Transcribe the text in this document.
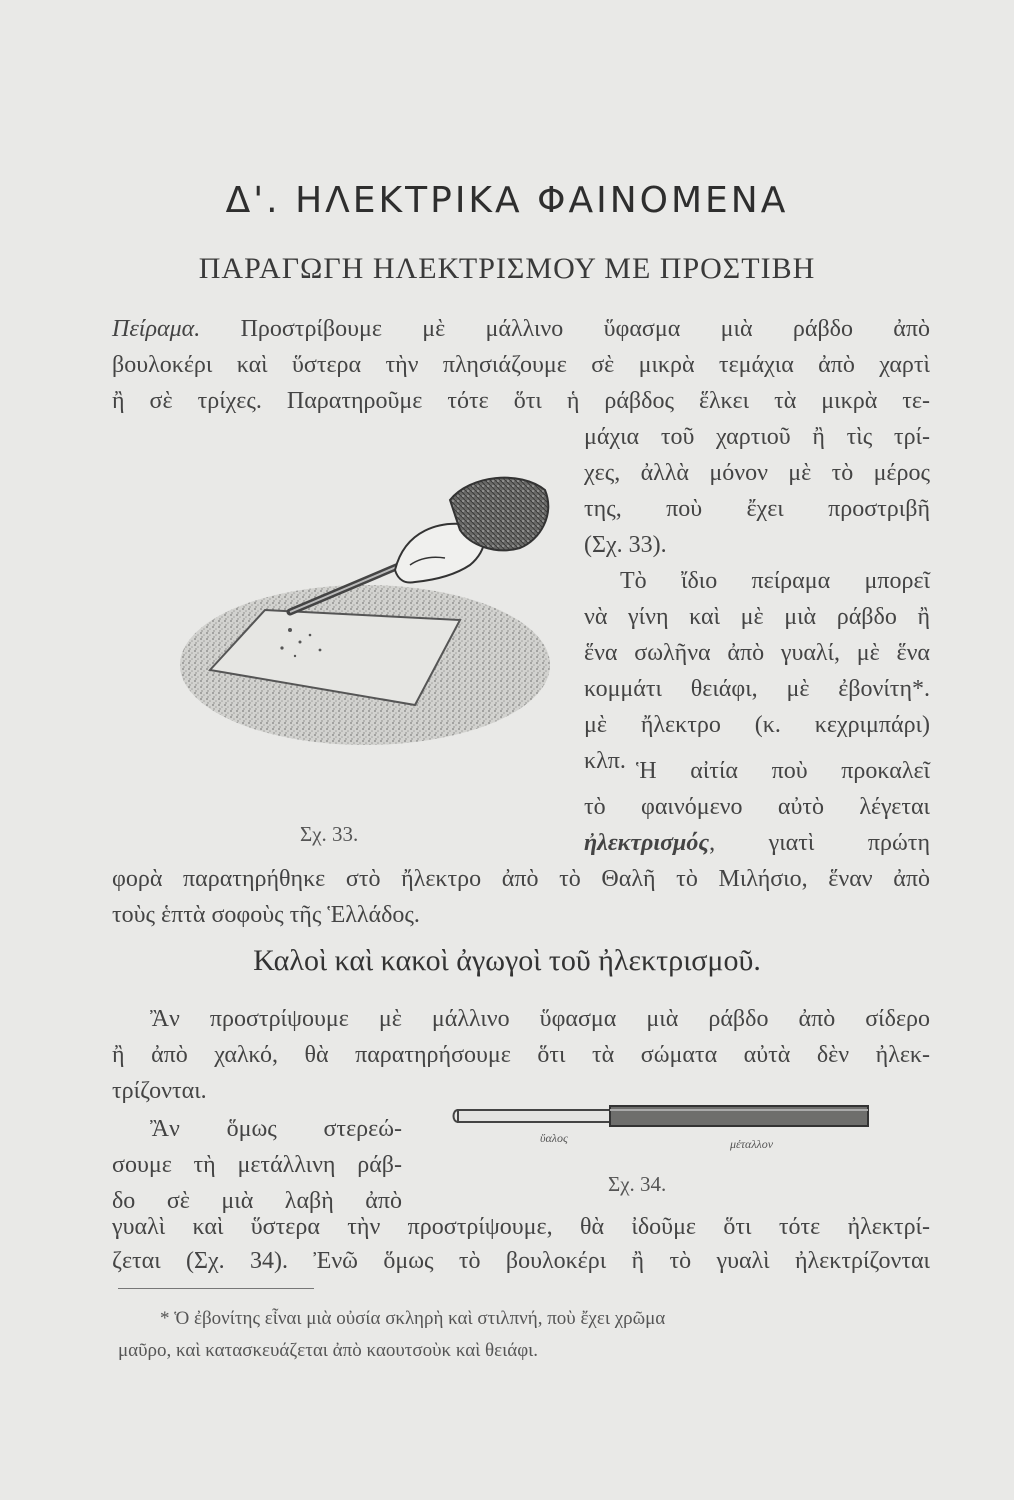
Δ'. ΗΛΕΚΤΡΙΚΑ ΦΑΙΝΟΜΕΝΑ
ΠΑΡΑΓΩΓΗ ΗΛΕΚΤΡΙΣΜΟΥ ΜΕ ΠΡΟΣΤΙΒΗ
Πείραμα. Προστρίβουμε μὲ μάλλινο ὕφασμα μιὰ ράβδο ἀπὸ
βουλοκέρι καὶ ὕστερα τὴν πλησιάζουμε σὲ μικρὰ τεμάχια ἀπὸ χαρτὶ
ἢ σὲ τρίχες. Παρατηροῦμε τότε ὅτι ἡ ράβδος ἕλκει τὰ μικρὰ τε-
μάχια τοῦ χαρτιοῦ ἢ τὶς τρί-
χες, ἀλλὰ μόνον μὲ τὸ μέρος
της, ποὺ ἔχει προστριβῆ
(Σχ. 33).
Τὸ ἴδιο πείραμα μπορεῖ
νὰ γίνη καὶ μὲ μιὰ ράβδο ἢ
ἕνα σωλῆνα ἀπὸ γυαλί, μὲ ἕνα
κομμάτι θειάφι, μὲ ἐβονίτη*.
μὲ ἤλεκτρο (κ. κεχριμπάρι)
κλπ. Ἡ αἰτία ποὺ προκαλεῖ
τὸ φαινόμενο αὐτὸ λέγεται
ἠλεκτρισμός, γιατὶ πρώτη
φορὰ παρατηρήθηκε στὸ ἤλεκτρο ἀπὸ τὸ Θαλῆ τὸ Μιλήσιο, ἕναν ἀπὸ
Σχ. 33.
Καλοὶ καὶ κακοὶ ἀγωγοὶ τοῦ ἠλεκτρισμοῦ.
Ἂν προστρίψουμε μὲ μάλλινο ὕφασμα μιὰ ράβδο ἀπὸ σίδερο
ἢ ἀπὸ χαλκό, θὰ παρατηρήσουμε ὅτι τὰ σώματα αὐτὰ δὲν ἠλεκ-
τρίζονται.
Ἂν ὅμως στερεώ-
σουμε τὴ μετάλλινη ράβ-
δο σὲ μιὰ λαβὴ ἀπὸ
ὕαλος	μέταλλον
Σχ. 34.
γυαλὶ καὶ ὕστερα τὴν προστρίψουμε, θὰ ἰδοῦμε ὅτι τότε ἠλεκτρί-
ζεται (Σχ. 34). Ἐνῶ ὅμως τὸ βουλοκέρι ἢ τὸ γυαλὶ ἠλεκτρίζονται
* Ὁ ἐβονίτης εἶναι μιὰ οὐσία σκληρὴ καὶ στιλπνή, ποὺ ἔχει χρῶμα
μαῦρο, καὶ κατασκευάζεται ἀπὸ καουτσοὺκ καὶ θειάφι.
τοὺς ἑπτὰ σοφοὺς τῆς Ἑλλάδος.
